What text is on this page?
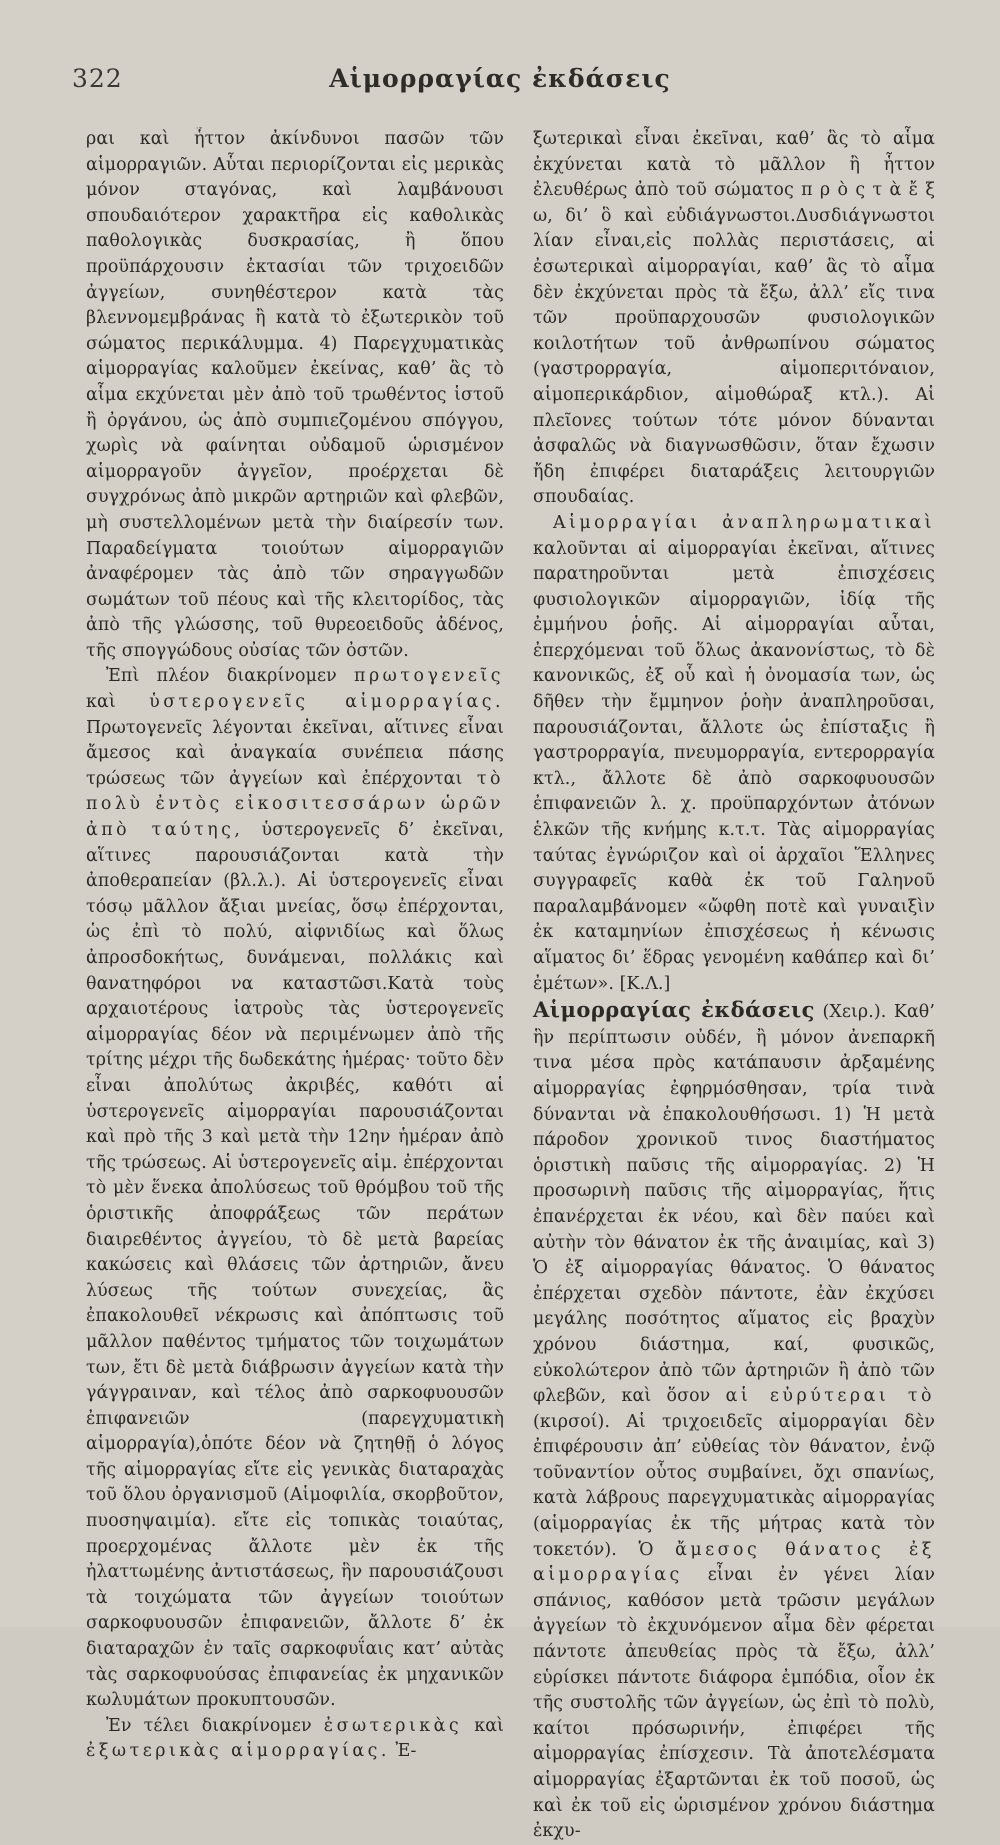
322	Αἱμορραγίας ἐκδάσεις

ραι καὶ ἧττον ἀκίνδυνοι πασῶν τῶν αἱμορραγιῶν. Αὗται περιορίζονται εἰς μερικὰς μόνον σταγόνας, καὶ λαμβάνουσι σπουδαιότερον χαρακτῆρα εἰς καθολικὰς παθολογικὰς δυσκρασίας, ἢ ὅπου προϋπάρχουσιν ἐκτασίαι τῶν τριχοειδῶν ἀγγείων, συνηθέστερον κατὰ τὰς βλεννομεμβράνας ἢ κατὰ τὸ ἐξωτερικὸν τοῦ σώματος περικάλυμμα. 4) Παρεγχυματικὰς αἱμορραγίας καλοῦμεν ἐκείνας, καθ’ ἃς τὸ αἷμα εκχύνεται μὲν ἀπὸ τοῦ τρωθέντος ἱστοῦ ἢ ὀργάνου, ὡς ἀπὸ συμπιεζομένου σπόγγου, χωρὶς νὰ φαίνηται οὐδαμοῦ ὡρισμένον αἱμορραγοῦν ἀγγεῖον, προέρχεται δὲ συγχρόνως ἀπὸ μικρῶν αρτηριῶν καὶ φλεβῶν, μὴ συστελλομένων μετὰ τὴν διαίρεσίν των. Παραδείγματα τοιούτων αἱμορραγιῶν ἀναφέρομεν τὰς ἀπὸ τῶν σηραγγωδῶν σωμάτων τοῦ πέους καὶ τῆς κλειτορίδος, τὰς ἀπὸ τῆς γλώσσης, τοῦ θυρεοειδοῦς ἀδένος, τῆς σπογγώδους οὐσίας τῶν ὀστῶν.

Ἐπὶ πλέον διακρίνομεν πρωτογενεῖς καὶ ὑστερογενεῖς αἱμορραγίας. Πρωτογενεῖς λέγονται ἐκεῖναι, αἵτινες εἶναι ἄμεσος καὶ ἀναγκαία συνέπεια πάσης τρώσεως τῶν ἀγγείων καὶ ἐπέρχονται τὸ πολὺ ἐντὸς εἰκοσιτεσσάρων ὡρῶν ἀπὸ ταύτης, ὑστερογενεῖς δ’ ἐκεῖναι, αἵτινες παρουσιάζονται κατὰ τὴν ἀποθεραπείαν (βλ.λ.). Αἱ ὑστερογενεῖς εἶναι τόσῳ μᾶλλον ἄξιαι μνείας, ὅσῳ ἐπέρχονται, ὡς ἐπὶ τὸ πολύ, αἰφνιδίως καὶ ὅλως ἀπροσδοκήτως, δυνάμεναι, πολλάκις καὶ θανατηφόροι να καταστῶσι.Κατὰ τοὺς αρχαιοτέρους ἰατροὺς τὰς ὑστερογενεῖς αἱμορραγίας δέον νὰ περιμένωμεν ἀπὸ τῆς τρίτης μέχρι τῆς δωδεκάτης ἡμέρας· τοῦτο δὲν εἶναι ἀπολύτως ἀκριβές, καθότι αἱ ὑστερογενεῖς αἱμορραγίαι παρουσιάζονται καὶ πρὸ τῆς 3 καὶ μετὰ τὴν 12ην ἡμέραν ἀπὸ τῆς τρώσεως. Αἱ ὑστερογενεῖς αἱμ. ἐπέρχονται τὸ μὲν ἕνεκα ἀπολύσεως τοῦ θρόμβου τοῦ τῆς ὁριστικῆς ἀποφράξεως τῶν περάτων διαιρεθέντος ἀγγείου, τὸ δὲ μετὰ βαρείας κακώσεις καὶ θλάσεις τῶν ἀρτηριῶν, ἄνευ λύσεως τῆς τούτων συνεχείας, ἃς ἐπακολουθεῖ νέκρωσις καὶ ἀπόπτωσις τοῦ μᾶλλον παθέντος τμήματος τῶν τοιχωμάτων των, ἔτι δὲ μετὰ διάβρωσιν ἀγγείων κατὰ τὴν γάγγραιναν, καὶ τέλος ἀπὸ σαρκοφυουσῶν ἐπιφανειῶν (παρεγχυματικὴ αἱμορραγία),ὁπότε δέον νὰ ζητηθῇ ὁ λόγος τῆς αἱμορραγίας εἴτε εἰς γενικὰς διαταραχὰς τοῦ ὅλου ὀργανισμοῦ (Αἱμοφιλία, σκορβοῦτον, πυοσηψαιμία). εἴτε εἰς τοπικὰς τοιαύτας, προερχομένας ἄλλοτε μὲν ἐκ τῆς ἠλαττωμένης ἀντιστάσεως, ἣν παρουσιάζουσι τὰ τοιχώματα τῶν ἀγγείων τοιούτων σαρκοφυουσῶν ἐπιφανειῶν, ἄλλοτε δ’ ἐκ διαταραχῶν ἐν ταῖς σαρκοφυΐαις κατ’ αὐτὰς τὰς σαρκοφυούσας ἐπιφανείας ἐκ μηχανικῶν κωλυμάτων προκυπτουσῶν.

Ἐν τέλει διακρίνομεν ἐσωτερικὰς καὶ ἐξωτερικὰς αἱμορραγίας. Ἐ-

ξωτερικαὶ εἶναι ἐκεῖναι, καθ’ ἃς τὸ αἷμα ἐκχύνεται κατὰ τὸ μᾶλλον ἢ ἧττον ἐλευθέρως ἀπὸ τοῦ σώματος π ρ ὸ ς τ ὰ ἔ ξ ω, δι’ ὃ καὶ εὐδιάγνωστοι.Δυσδιάγνωστοι λίαν εἶναι,εἰς πολλὰς περιστάσεις, αἱ ἐσωτερικαὶ αἱμορραγίαι, καθ’ ἃς τὸ αἷμα δὲν ἐκχύνεται πρὸς τὰ ἔξω, ἀλλ’ εἴς τινα τῶν προϋπαρχουσῶν φυσιολογικῶν κοιλοτήτων τοῦ ἀνθρωπίνου σώματος (γαστρορραγία, αἱμοπεριτόναιον, αἱμοπερικάρδιον, αἱμοθώραξ κτλ.). Αἱ πλεῖονες τούτων τότε μόνον δύνανται ἀσφαλῶς νὰ διαγνωσθῶσιν, ὅταν ἔχωσιν ἤδη ἐπιφέρει διαταράξεις λειτουργιῶν σπουδαίας.

Αἱμορραγίαι ἀναπληρωματικαὶ καλοῦνται αἱ αἱμορραγίαι ἐκεῖναι, αἵτινες παρατηροῦνται μετὰ ἐπισχέσεις φυσιολογικῶν αἱμορραγιῶν, ἰδίᾳ τῆς ἐμμήνου ῥοῆς. Αἱ αἱμορραγίαι αὗται, ἐπερχόμεναι τοῦ ὅλως ἀκανονίστως, τὸ δὲ κανονικῶς, ἐξ οὗ καὶ ἡ ὀνομασία των, ὡς δῆθεν τὴν ἔμμηνον ῥοὴν ἀναπληροῦσαι, παρουσιάζονται, ἄλλοτε ὡς ἐπίσταξις ἢ γαστρορραγία, πνευμορραγία, εντερορραγία κτλ., ἄλλοτε δὲ ἀπὸ σαρκοφυουσῶν ἐπιφανειῶν λ. χ. προϋπαρχόντων ἀτόνων ἑλκῶν τῆς κνήμης κ.τ.τ. Τὰς αἱμορραγίας ταύτας ἐγνώριζον καὶ οἱ ἀρχαῖοι Ἕλληνες συγγραφεῖς καθὰ ἐκ τοῦ Γαληνοῦ παραλαμβάνομεν «ὤφθη ποτὲ καὶ γυναιξὶν ἐκ καταμηνίων ἐπισχέσεως ἡ κένωσις αἵματος δι’ ἕδρας γενομένη καθάπερ καὶ δι’ ἐμέτων». [Κ.Λ.]

Αἱμορραγίας ἐκδάσεις (Χειρ.). Καθ’ ἣν περίπτωσιν οὐδέν, ἢ μόνον ἀνεπαρκῆ τινα μέσα πρὸς κατάπαυσιν ἀρξαμένης αἱμορραγίας ἐφηρμόσθησαν, τρία τινὰ δύνανται νὰ ἐπακολουθήσωσι. 1) Ἡ μετὰ πάροδον χρονικοῦ τινος διαστήματος ὁριστικὴ παῦσις τῆς αἱμορραγίας. 2) Ἡ προσωρινὴ παῦσις τῆς αἱμορραγίας, ἥτις ἐπανέρχεται ἐκ νέου, καὶ δὲν παύει καὶ αὐτὴν τὸν θάνατον ἐκ τῆς ἀναιμίας, καὶ 3) Ὁ ἐξ αἱμορραγίας θάνατος. Ὁ θάνατος ἐπέρχεται σχεδὸν πάντοτε, ἐὰν ἐκχύσει μεγάλης ποσότητος αἵματος εἰς βραχὺν χρόνου διάστημα, καί, φυσικῶς, εὐκολώτερον ἀπὸ τῶν ἀρτηριῶν ἢ ἀπὸ τῶν φλεβῶν, καὶ ὅσον αἱ εὐρύτεραι τὸ (κιρσοί). Αἱ τριχοειδεῖς αἱμορραγίαι δὲν ἐπιφέρουσιν ἀπ’ εὐθείας τὸν θάνατον, ἐνῷ τοῦναντίον οὗτος συμβαίνει, ὄχι σπανίως, κατὰ λάβρους παρεγχυματικὰς αἱμορραγίας (αἱμορραγίας ἐκ τῆς μήτρας κατὰ τὸν τοκετόν). Ὁ ἄμεσος θάνατος ἐξ αἱμορραγίας εἶναι ἐν γένει λίαν σπάνιος, καθόσον μετὰ τρῶσιν μεγάλων ἀγγείων τὸ ἐκχυνόμενον αἷμα δὲν φέρεται πάντοτε ἀπευθείας πρὸς τὰ ἔξω, ἀλλ’ εὑρίσκει πάντοτε διάφορα ἐμπόδια, οἷον ἐκ τῆς συστολῆς τῶν ἀγγείων, ὡς ἐπὶ τὸ πολὺ, καίτοι πρόσωρινήν, ἐπιφέρει τῆς αἱμορραγίας ἐπίσχεσιν. Τὰ ἀποτελέσματα αἱμορραγίας ἐξαρτῶνται ἐκ τοῦ ποσοῦ, ὡς καὶ ἐκ τοῦ εἰς ὡρισμένον χρόνου διάστημα ἐκχυ-
